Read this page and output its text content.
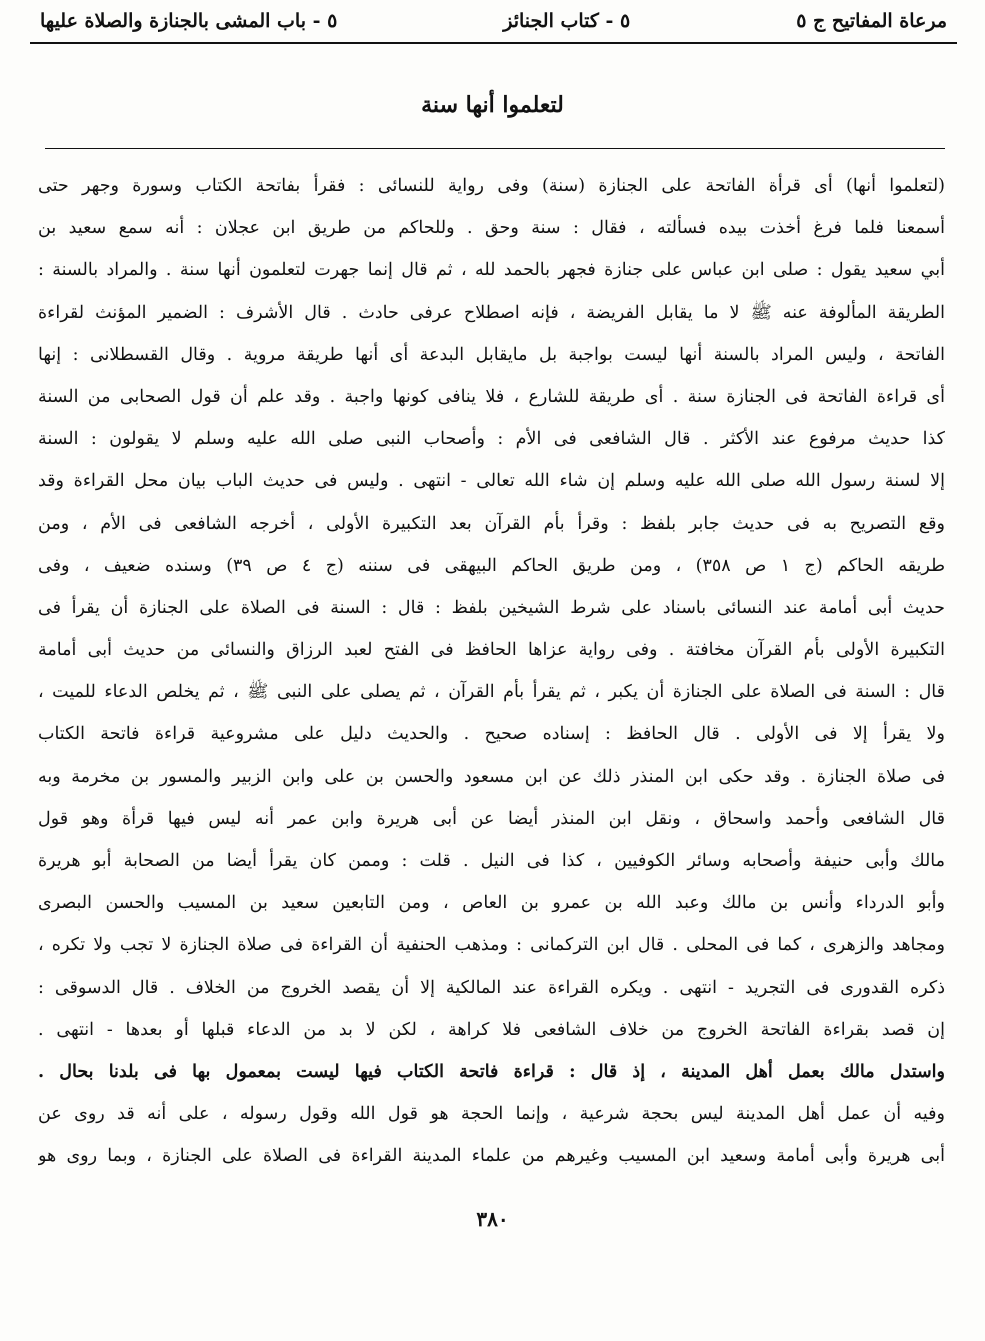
مرعاة المفاتيح ج ٥
٥ - كتاب الجنائز
٥ - باب المشى بالجنازة والصلاة عليها
لتعلموا أنها سنة
(لتعلموا أنها) أى قرأة الفاتحة على الجنازة (سنة) وفى رواية للنسائى : فقرأ بفاتحة الكتاب وسورة وجهر حتى
أسمعنا فلما فرغ أخذت بيده فسألته ، فقال : سنة وحق . وللحاكم من طريق ابن عجلان : أنه سمع سعيد بن
أبي سعيد يقول : صلى ابن عباس على جنازة فجهر بالحمد لله ، ثم قال إنما جهرت لتعلمون أنها سنة . والمراد بالسنة :
الطريقة المألوفة عنه ﷺ لا ما يقابل الفريضة ، فإنه اصطلاح عرفى حادث . قال الأشرف : الضمير المؤنث لقراءة
الفاتحة ، وليس المراد بالسنة أنها ليست بواجبة بل مايقابل البدعة أى أنها طريقة مروية . وقال القسطلانى : إنها
أى قراءة الفاتحة فى الجنازة سنة . أى طريقة للشارع ، فلا ينافى كونها واجبة . وقد علم أن قول الصحابى من السنة
كذا حديث مرفوع عند الأكثر . قال الشافعى فى الأم : وأصحاب النبى صلى الله عليه وسلم لا يقولون : السنة
إلا لسنة رسول الله صلى الله عليه وسلم إن شاء الله تعالى - انتهى . وليس فى حديث الباب بيان محل القراءة وقد
وقع التصريح به فى حديث جابر بلفظ : وقرأ بأم القرآن بعد التكبيرة الأولى ، أخرجه الشافعى فى الأم ، ومن
طريقه الحاكم (ج ١ ص ٣٥٨) ، ومن طريق الحاكم البيهقى فى سننه (ج ٤ ص ٣٩) وسنده ضعيف ، وفى
حديث أبى أمامة عند النسائى باسناد على شرط الشيخين بلفظ : قال : السنة فى الصلاة على الجنازة أن يقرأ فى
التكبيرة الأولى بأم القرآن مخافتة . وفى رواية عزاها الحافظ فى الفتح لعبد الرزاق والنسائى من حديث أبى أمامة
قال : السنة فى الصلاة على الجنازة أن يكبر ، ثم يقرأ بأم القرآن ، ثم يصلى على النبى ﷺ ، ثم يخلص الدعاء للميت ،
ولا يقرأ إلا فى الأولى . قال الحافظ : إسناده صحيح . والحديث دليل على مشروعية قراءة فاتحة الكتاب
فى صلاة الجنازة . وقد حكى ابن المنذر ذلك عن ابن مسعود والحسن بن على وابن الزبير والمسور بن مخرمة وبه
قال الشافعى وأحمد واسحاق ، ونقل ابن المنذر أيضا عن أبى هريرة وابن عمر أنه ليس فيها قرأة وهو قول
مالك وأبى حنيفة وأصحابه وسائر الكوفيين ، كذا فى النيل . قلت : وممن كان يقرأ أيضا من الصحابة أبو هريرة
وأبو الدرداء وأنس بن مالك وعبد الله بن عمرو بن العاص ، ومن التابعين سعيد بن المسيب والحسن البصرى
ومجاهد والزهرى ، كما فى المحلى . قال ابن التركمانى : ومذهب الحنفية أن القراءة فى صلاة الجنازة لا تجب ولا تكره ،
ذكره القدورى فى التجريد - انتهى . ويكره القراءة عند المالكية إلا أن يقصد الخروج من الخلاف . قال الدسوقى :
إن قصد بقراءة الفاتحة الخروج من خلاف الشافعى فلا كراهة ، لكن لا بد من الدعاء قبلها أو بعدها - انتهى .
واستدل مالك بعمل أهل المدينة ، إذ قال : قراءة فاتحة الكتاب فيها ليست بمعمول بها فى بلدنا بحال .
وفيه أن عمل أهل المدينة ليس بحجة شرعية ، وإنما الحجة هو قول الله وقول رسوله ، على أنه قد روى عن
أبى هريرة وأبى أمامة وسعيد ابن المسيب وغيرهم من علماء المدينة القراءة فى الصلاة على الجنازة ، وبما روى هو
٣٨٠
